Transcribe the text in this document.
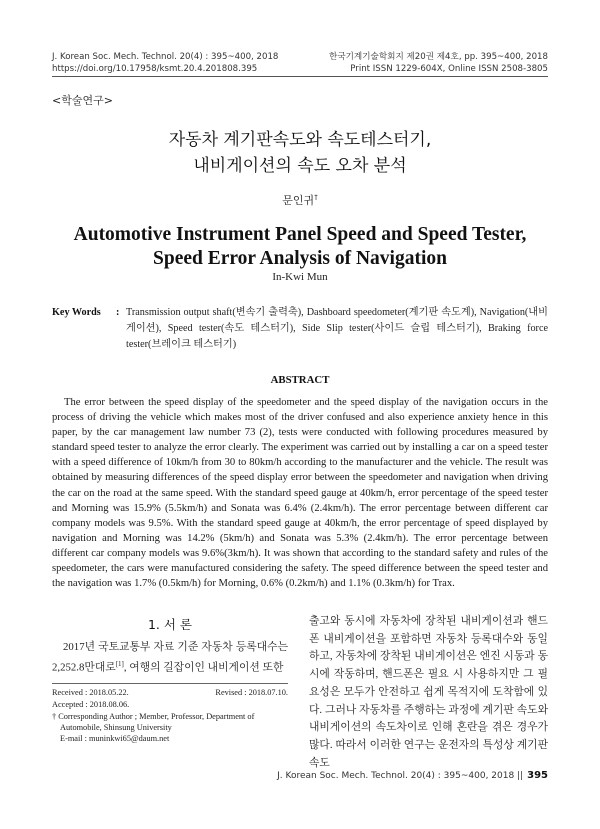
J. Korean Soc. Mech. Technol. 20(4) : 395~400, 2018
https://doi.org/10.17958/ksmt.20.4.201808.395
한국기계기술학회지 제20권 제4호, pp. 395~400, 2018
Print ISSN 1229-604X, Online ISSN 2508-3805
<학술연구>
자동차 계기판속도와 속도테스터기,
내비게이션의 속도 오차 분석
문인귀†
Automotive Instrument Panel Speed and Speed Tester,
Speed Error Analysis of Navigation
In-Kwi Mun
Key Words	: Transmission output shaft(변속기 출력축), Dashboard speedometer(계기판 속도계), Navigation(내비게이션), Speed tester(속도 테스터기), Side Slip tester(사이드 슬립 테스터기), Braking force tester(브레이크 테스터기)
ABSTRACT
The error between the speed display of the speedometer and the speed display of the navigation occurs in the process of driving the vehicle which makes most of the driver confused and also experience anxiety hence in this paper, by the car management law number 73 (2), tests were conducted with following procedures measured by standard speed tester to analyze the error clearly. The experiment was carried out by installing a car on a speed tester with a speed difference of 10km/h from 30 to 80km/h according to the manufacturer and the vehicle. The result was obtained by measuring differences of the speed display error between the speedometer and navigation when driving the car on the road at the same speed. With the standard speed gauge at 40km/h, error percentage of the speed tester and Morning was 15.9% (5.5km/h) and Sonata was 6.4% (2.4km/h). The error percentage between different car company models was 9.5%. With the standard speed gauge at 40km/h, the error percentage of speed displayed by navigation and Morning was 14.2% (5km/h) and Sonata was 5.3% (2.4km/h). The error percentage between different car company models was 9.6%(3km/h). It was shown that according to the standard safety and rules of the speedometer, the cars were manufactured considering the safety. The speed difference between the speed tester and the navigation was 1.7% (0.5km/h) for Morning, 0.6% (0.2km/h) and 1.1% (0.3km/h) for Trax.
1. 서 론
2017년 국토교통부 자료 기준 자동차 등록대수는 2,252.8만대로[1], 여행의 길잡이인 내비게이션 또한
Received : 2018.05.22.	Revised : 2018.07.10.
Accepted : 2018.08.06.
† Corresponding Author ; Member, Professor, Department of Automobile, Shinsung University
E-mail : muninkwi65@daum.net
출고와 동시에 자동차에 장착된 내비게이션과 핸드폰 내비게이션을 포함하면 자동차 등록대수와 동일하고, 자동차에 장착된 내비게이션은 엔진 시동과 동시에 작동하며, 핸드폰은 필요 시 사용하지만 그 필요성은 모두가 안전하고 쉽게 목적지에 도착함에 있다. 그러나 자동차를 주행하는 과정에 계기판 속도와 내비게이션의 속도차이로 인해 혼란을 겪은 경우가 많다. 따라서 이러한 연구는 운전자의 특성상 계기판 속도
J. Korean Soc. Mech. Technol. 20(4) : 395~400, 2018 || 395
